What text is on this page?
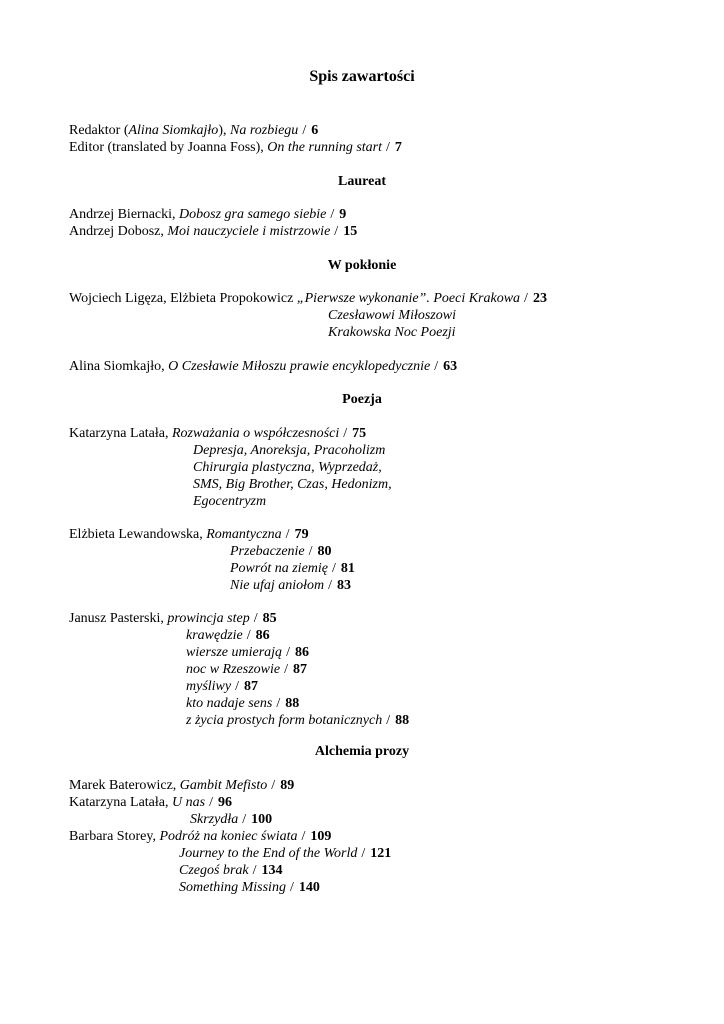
Spis zawartości
Redaktor (Alina Siomkajło), Na rozbiegu / 6
Editor (translated by Joanna Foss), On the running start / 7
Laureat
Andrzej Biernacki, Dobosz gra samego siebie / 9
Andrzej Dobosz, Moi nauczyciele i mistrzowie / 15
W pokłonie
Wojciech Ligęza, Elżbieta Propokowicz „Pierwsze wykonanie”. Poeci Krakowa / 23
Czesławowi Miłoszowi
Krakowska Noc Poezji
Alina Siomkajło, O Czesławie Miłoszu prawie encyklopedycznie / 63
Poezja
Katarzyna Latała, Rozważania o współczesności / 75
Depresja, Anoreksja, Pracoholizm
Chirurgia plastyczna, Wyprzedaż,
SMS, Big Brother, Czas, Hedonizm,
Egocentryzm
Elżbieta Lewandowska, Romantyczna / 79
Przebaczenie / 80
Powrót na ziemię / 81
Nie ufaj aniołom / 83
Janusz Pasterski, prowincja step / 85
krawędzie / 86
wiersze umierają / 86
noc w Rzeszowie / 87
myśliwy / 87
kto nadaje sens / 88
z życia prostych form botanicznych / 88
Alchemia prozy
Marek Baterowicz, Gambit Mefisto / 89
Katarzyna Latała, U nas / 96
Skrzydła / 100
Barbara Storey, Podróż na koniec świata / 109
Journey to the End of the World / 121
Czegoś brak / 134
Something Missing / 140
